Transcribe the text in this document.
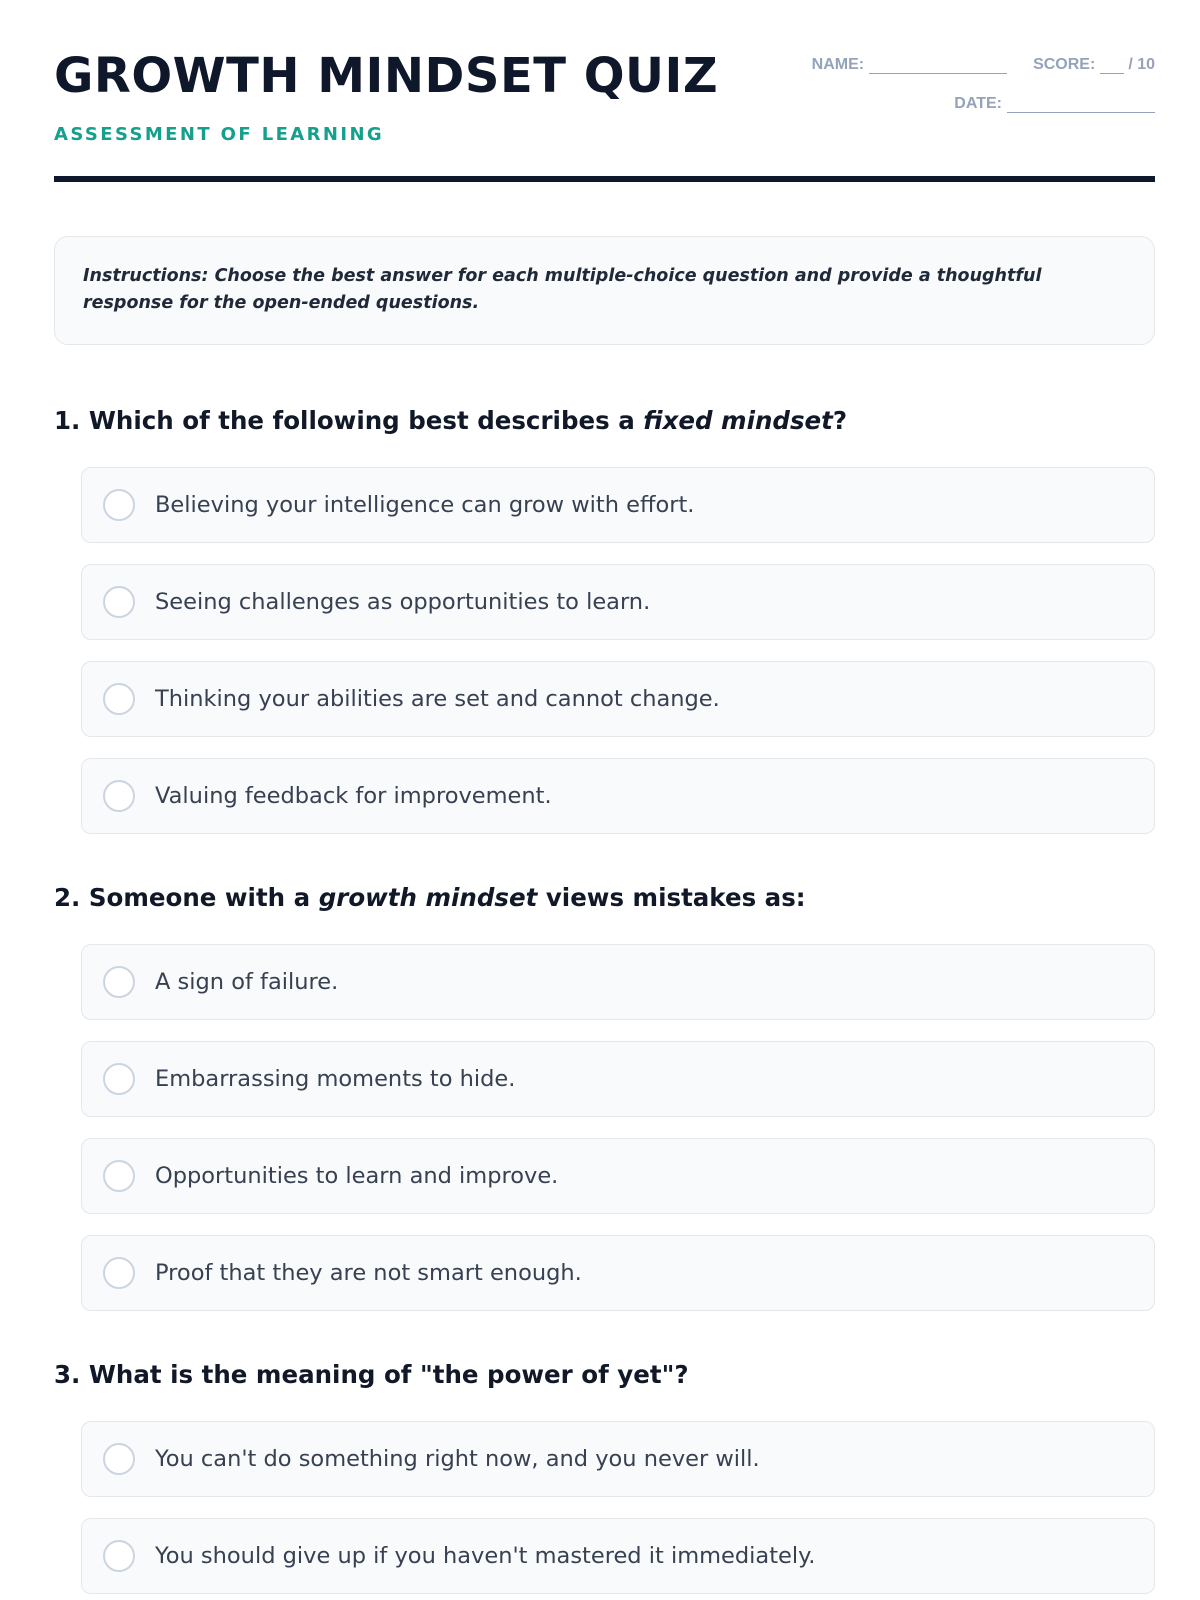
GROWTH MINDSET QUIZ
ASSESSMENT OF LEARNING
NAME:	SCORE: / 10
DATE:
Instructions: Choose the best answer for each multiple-choice question and provide a thoughtful response for the open-ended questions.
1. Which of the following best describes a fixed mindset?
Believing your intelligence can grow with effort.
Seeing challenges as opportunities to learn.
Thinking your abilities are set and cannot change.
Valuing feedback for improvement.
2. Someone with a growth mindset views mistakes as:
A sign of failure.
Embarrassing moments to hide.
Opportunities to learn and improve.
Proof that they are not smart enough.
3. What is the meaning of "the power of yet"?
You can't do something right now, and you never will.
You should give up if you haven't mastered it immediately.
